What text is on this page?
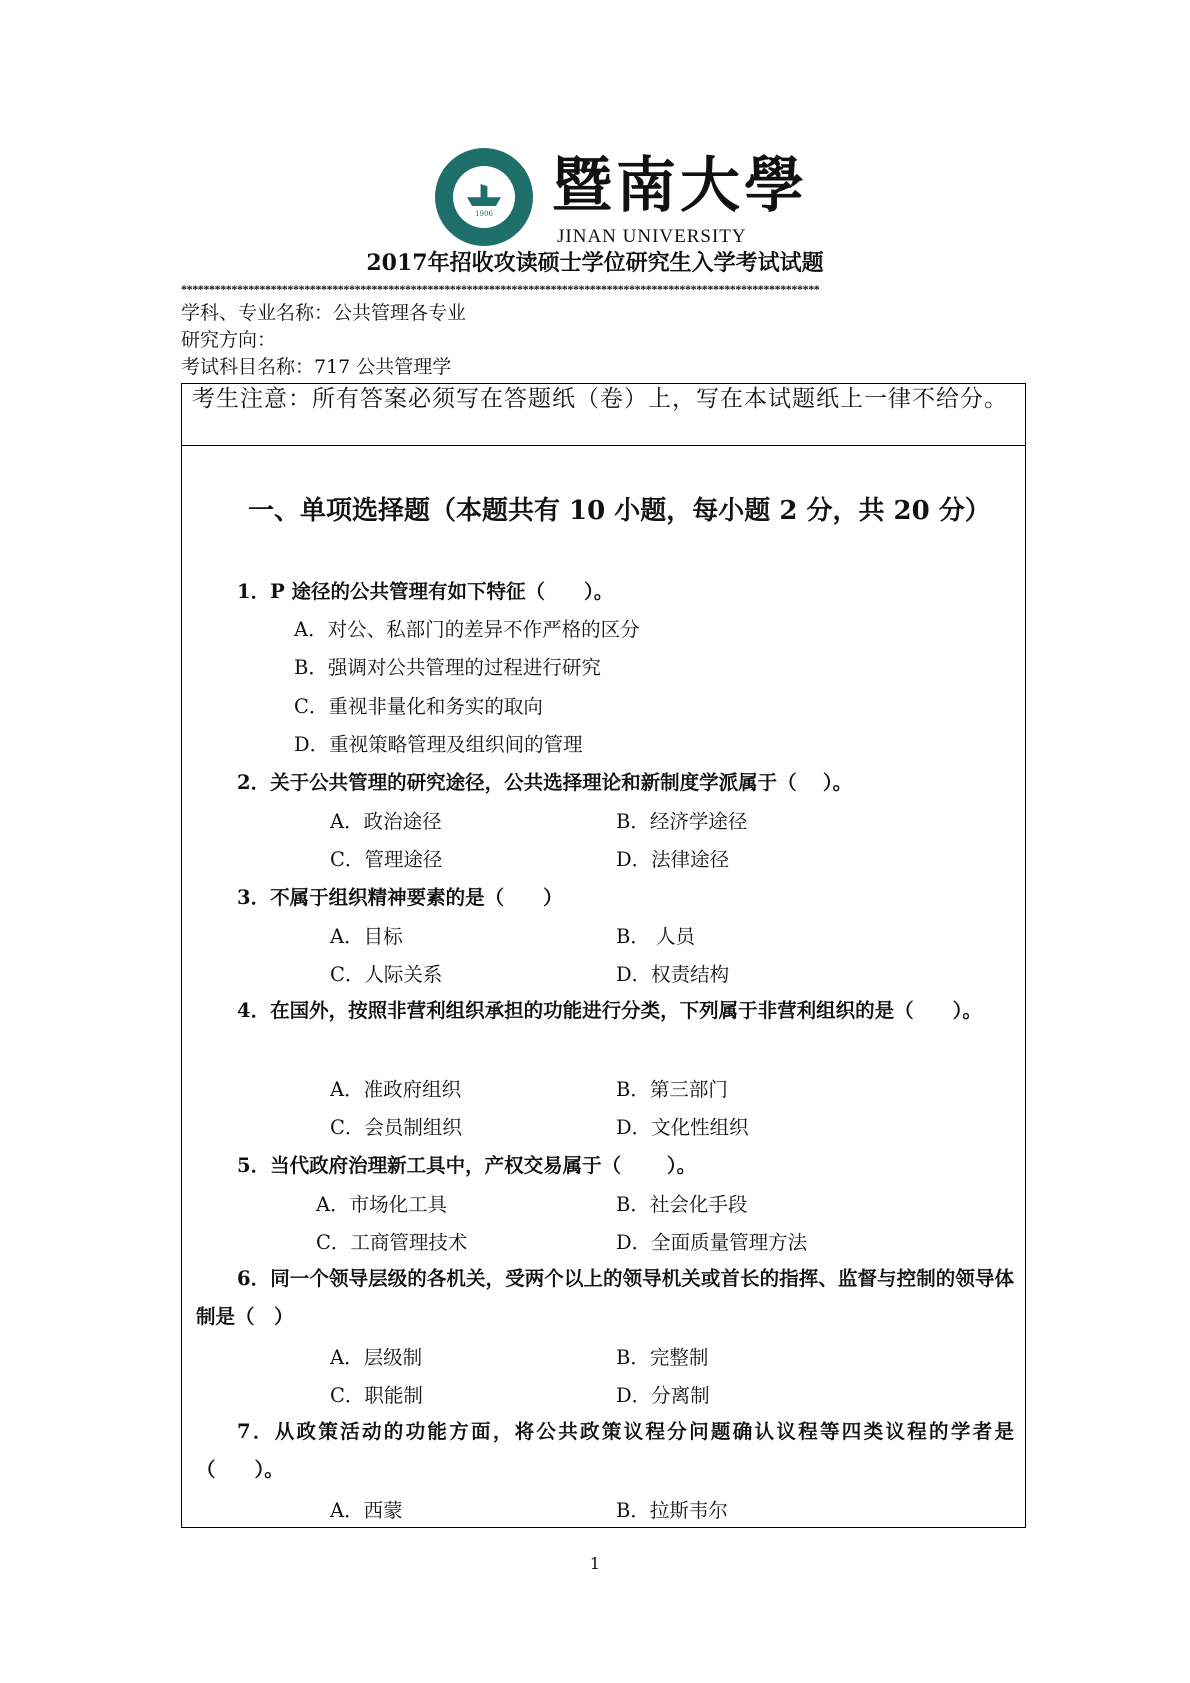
1906 暨南大學
JINAN UNIVERSITY
2017年招收攻读硕士学位研究生入学考试试题
******************************************************************************************************************
学科、专业名称：公共管理各专业
研究方向：
考试科目名称：717 公共管理学
考生注意：所有答案必须写在答题纸（卷）上，写在本试题纸上一律不给分。
一、单项选择题（本题共有 10 小题，每小题 2 分，共 20 分）
1．P 途径的公共管理有如下特征（　　）。
A．对公、私部门的差异不作严格的区分
B．强调对公共管理的过程进行研究
C．重视非量化和务实的取向
D．重视策略管理及组织间的管理
2．关于公共管理的研究途径，公共选择理论和新制度学派属于（　 ）。
A．政治途径	B．经济学途径
C．管理途径	D．法律途径
3．不属于组织精神要素的是（　　）
A．目标	B． 人员
C．人际关系	D．权责结构
4．在国外，按照非营利组织承担的功能进行分类，下列属于非营利组织的是（　　）。
A．准政府组织	B．第三部门
C．会员制组织	D．文化性组织
5．当代政府治理新工具中，产权交易属于（　　 ）。
A．市场化工具	B．社会化手段
C．工商管理技术	D．全面质量管理方法
6．同一个领导层级的各机关，受两个以上的领导机关或首长的指挥、监督与控制的领导体制是（　）
A．层级制	B．完整制
C．职能制	D．分离制
7．从政策活动的功能方面，将公共政策议程分问题确认议程等四类议程的学者是（　　）。
A．西蒙	B．拉斯韦尔
1
